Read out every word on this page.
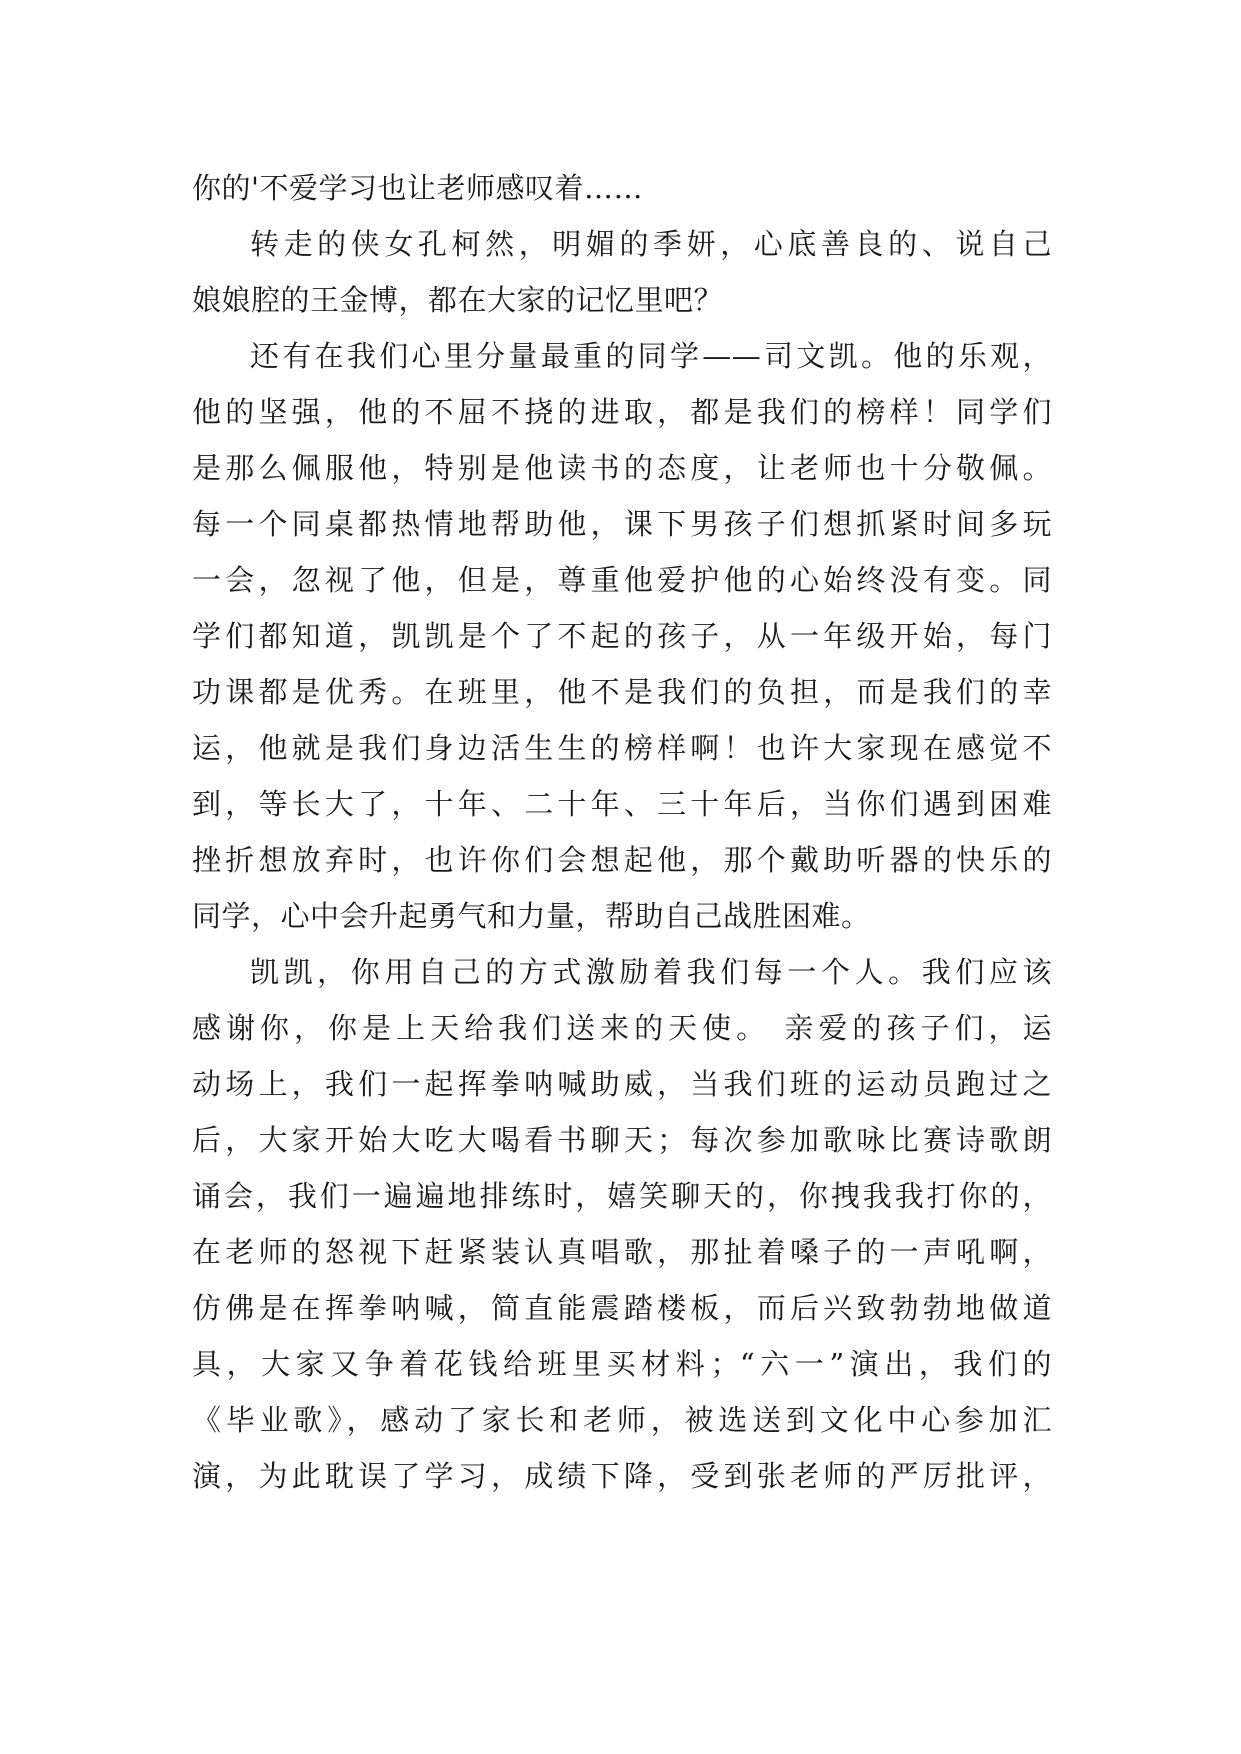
你的'不爱学习也让老师感叹着……
转走的侠女孔柯然，明媚的季妍，心底善良的、说自己
娘娘腔的王金博，都在大家的记忆里吧？
还有在我们心里分量最重的同学——司文凯。他的乐观，
他的坚强，他的不屈不挠的进取，都是我们的榜样！同学们
是那么佩服他，特别是他读书的态度，让老师也十分敬佩。
每一个同桌都热情地帮助他，课下男孩子们想抓紧时间多玩
一会，忽视了他，但是，尊重他爱护他的心始终没有变。同
学们都知道，凯凯是个了不起的孩子，从一年级开始，每门
功课都是优秀。在班里，他不是我们的负担，而是我们的幸
运，他就是我们身边活生生的榜样啊！也许大家现在感觉不
到，等长大了，十年、二十年、三十年后，当你们遇到困难
挫折想放弃时，也许你们会想起他，那个戴助听器的快乐的
同学，心中会升起勇气和力量，帮助自己战胜困难。
凯凯，你用自己的方式激励着我们每一个人。我们应该
感谢你，你是上天给我们送来的天使。 亲爱的孩子们，运
动场上，我们一起挥拳呐喊助威，当我们班的运动员跑过之
后，大家开始大吃大喝看书聊天；每次参加歌咏比赛诗歌朗
诵会，我们一遍遍地排练时，嬉笑聊天的，你拽我我打你的，
在老师的怒视下赶紧装认真唱歌，那扯着嗓子的一声吼啊，
仿佛是在挥拳呐喊，简直能震踏楼板，而后兴致勃勃地做道
具，大家又争着花钱给班里买材料；“六一”演出，我们的
《毕业歌》，感动了家长和老师，被选送到文化中心参加汇
演，为此耽误了学习，成绩下降，受到张老师的严厉批评，
